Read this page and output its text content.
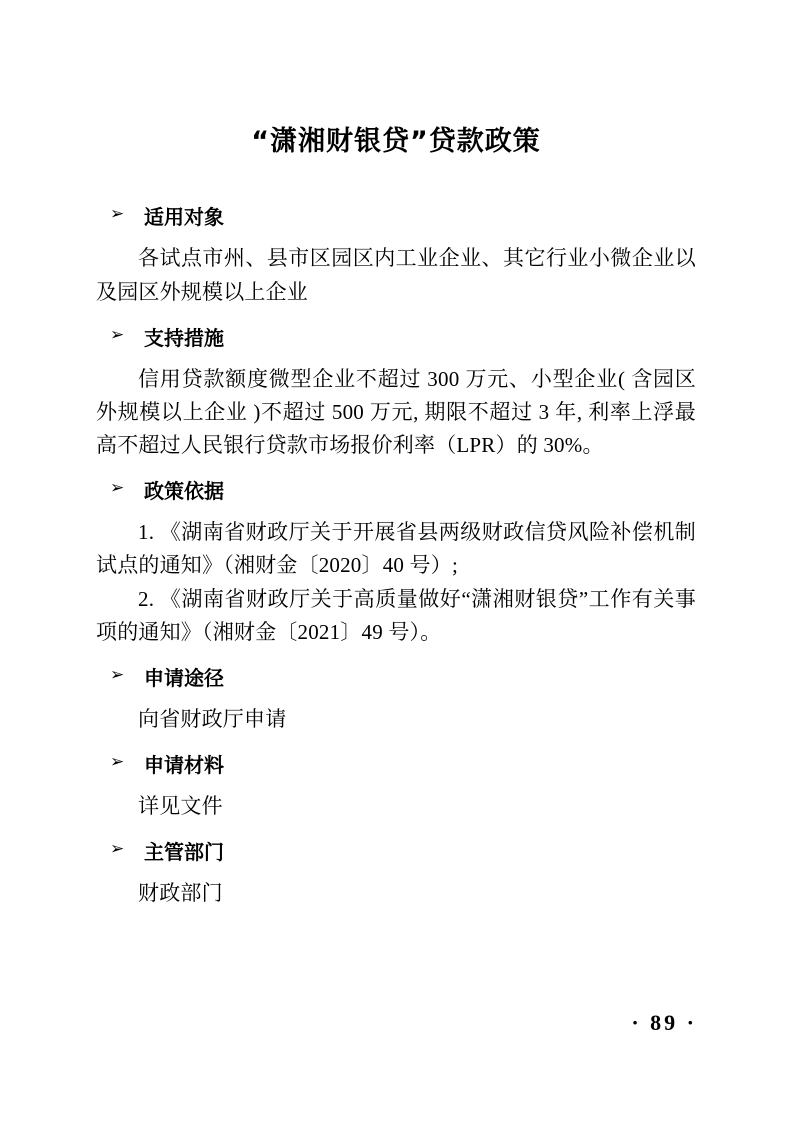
“潇湘财银贷”贷款政策
➢ 适用对象

各试点市州、县市区园区内工业企业、其它行业小微企业以及园区外规模以上企业

➢ 支持措施

信用贷款额度微型企业不超过 300 万元、小型企业( 含园区外规模以上企业 )不超过 500 万元, 期限不超过 3 年, 利率上浮最高不超过人民银行贷款市场报价利率（LPR）的 30%。

➢ 政策依据

1. 《湖南省财政厅关于开展省县两级财政信贷风险补偿机制试点的通知》（湘财金〔2020〕40 号）;

2. 《湖南省财政厅关于高质量做好“潇湘财银贷”工作有关事项的通知》（湘财金〔2021〕49 号）。

➢ 申请途径

向省财政厅申请

➢ 申请材料

详见文件

➢ 主管部门

财政部门

· 89 ·
